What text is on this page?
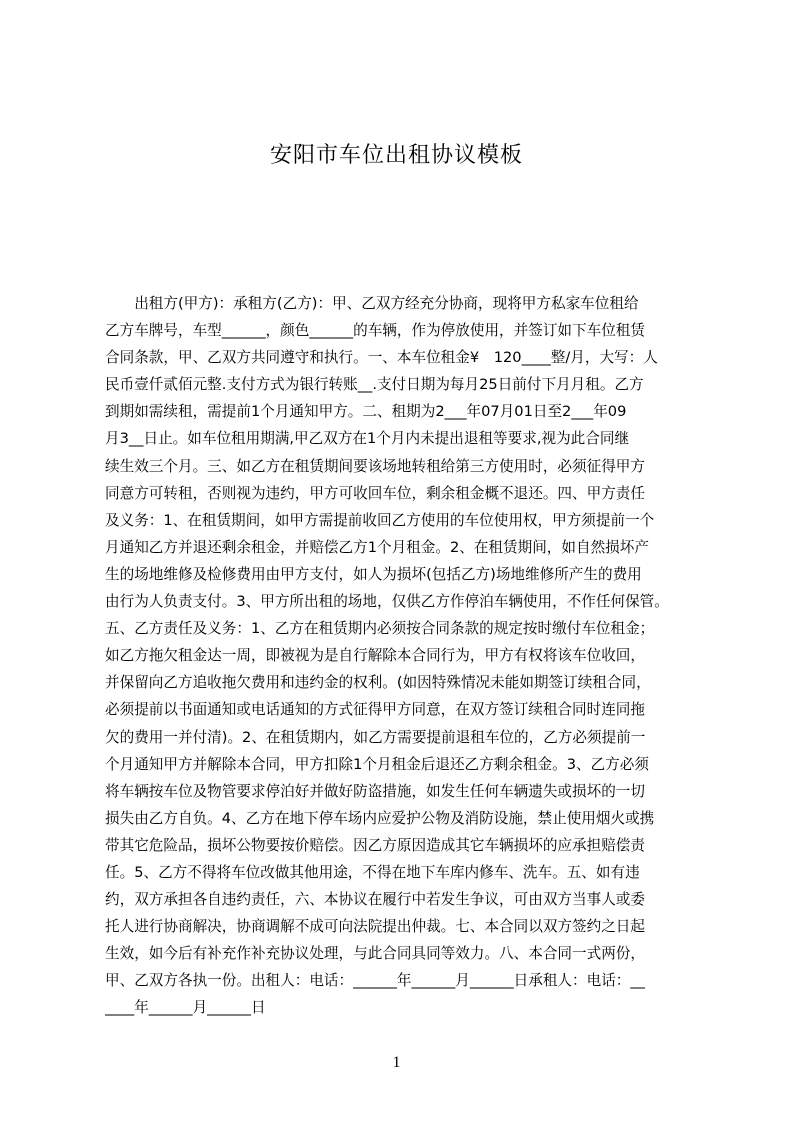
安阳市车位出租协议模板
　　出租方(甲方)：承租方(乙方)：甲、乙双方经充分协商，现将甲方私家车位租给
乙方车牌号，车型______，颜色______的车辆，作为停放使用，并签订如下车位租赁
合同条款，甲、乙双方共同遵守和执行。一、本车位租金¥　120____整/月，大写：人
民币壹仟贰佰元整.支付方式为银行转账__.支付日期为每月25日前付下月月租。乙方
到期如需续租，需提前1个月通知甲方。二、租期为2___年07月01日至2___年09
月3__日止。如车位租用期满,甲乙双方在1个月内未提出退租等要求,视为此合同继
续生效三个月。三、如乙方在租赁期间要该场地转租给第三方使用时，必须征得甲方
同意方可转租，否则视为违约，甲方可收回车位，剩余租金概不退还。四、甲方责任
及义务：1、在租赁期间，如甲方需提前收回乙方使用的车位使用权，甲方须提前一个
月通知乙方并退还剩余租金，并赔偿乙方1个月租金。2、在租赁期间，如自然损坏产
生的场地维修及检修费用由甲方支付，如人为损坏(包括乙方)场地维修所产生的费用
由行为人负责支付。3、甲方所出租的场地，仅供乙方作停泊车辆使用，不作任何保管。
五、乙方责任及义务：1、乙方在租赁期内必须按合同条款的规定按时缴付车位租金；
如乙方拖欠租金达一周，即被视为是自行解除本合同行为，甲方有权将该车位收回，
并保留向乙方追收拖欠费用和违约金的权利。(如因特殊情况未能如期签订续租合同，
必须提前以书面通知或电话通知的方式征得甲方同意，在双方签订续租合同时连同拖
欠的费用一并付清)。2、在租赁期内，如乙方需要提前退租车位的，乙方必须提前一
个月通知甲方并解除本合同，甲方扣除1个月租金后退还乙方剩余租金。3、乙方必须
将车辆按车位及物管要求停泊好并做好防盗措施，如发生任何车辆遗失或损坏的一切
损失由乙方自负。4、乙方在地下停车场内应爱护公物及消防设施，禁止使用烟火或携
带其它危险品，损坏公物要按价赔偿。因乙方原因造成其它车辆损坏的应承担赔偿责
任。5、乙方不得将车位改做其他用途，不得在地下车库内修车、洗车。五、如有违
约，双方承担各自违约责任，六、本协议在履行中若发生争议，可由双方当事人或委
托人进行协商解决，协商调解不成可向法院提出仲裁。七、本合同以双方签约之日起
生效，如今后有补充作补充协议处理，与此合同具同等效力。八、本合同一式两份，
甲、乙双方各执一份。出租人：电话：______年______月______日承租人：电话：__
____年______月______日
1
